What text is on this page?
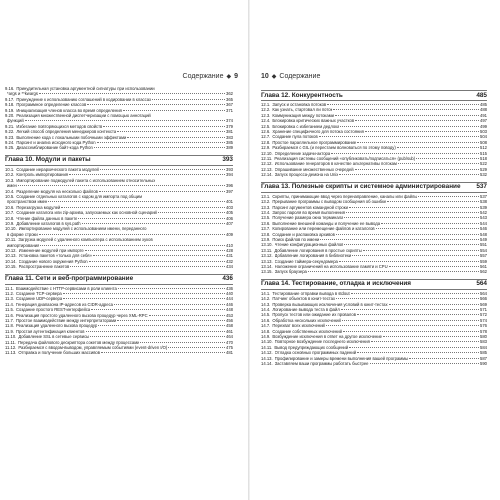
Содержание ◆ 9
9.16. Принудительная установка аргументной сигнатуры при использовании
*args и **kwargs	362
9.17. Принуждение к использованию соглашений в кодировании в классах	365
9.18. Программное определение классов	367
9.19. Инициализация членов класса во время определения	371
9.20. Реализация множественной диспетчеризации с помощью аннотаций
функций	374
9.21. Избегание повторяющихся методов свойств	379
9.22. Легкий способ определения менеджеров контекста	381
9.23. Выполнение кода с локальными побочными эффектами	383
9.24. Парсинг и анализ исходного кода Python	385
9.25. Дизассемблирование байт-кода Python	389
Глава 10. Модули и пакеты	393
10.1. Создание иерархического пакета модулей	393
10.2. Контроль импортирования	394
10.3. Импортирование подмодулей пакета с использованием относительных
имен	396
10.4. Разделение модуля на несколько файлов	397
10.5. Создание отдельных каталогов с кодом для импорта под общим
пространством имен	401
10.6. Перезагрузка модулей	403
10.7. Создание каталога или zip-архива, запускаемых как основной сценарий	405
10.8. Чтение файла данных в пакете	406
10.9. Добавление каталогов в sys.path	407
10.10. Импортирование модулей с использованием имени, переданного
в форме строки	409
10.11. Загрузка модулей с удаленного компьютера с использованием хуков
импортирования	410
10.12. Изменение модулей при импорте	428
10.13. Установка пакетов «только для себя»	431
10.14. Создание нового окружения Python	432
10.15. Распространение пакетов	434
Глава 11. Сети и веб-программирование	436
11.1. Взаимодействие с HTTP-сервисами в роли клиента	436
11.2. Создание TCP-сервера	440
11.3. Создание UDP-сервера	444
11.4. Генерация диапазона IP-адресов из CIDR-адреса	446
11.5. Создание простого REST-интерфейса	448
11.6. Реализация простого удаленного вызова процедур через XML-RPC	453
11.7. Простое взаимодействие между интерпретаторами	456
11.8. Реализация удаленного вызова процедур	458
11.9. Простая аутентификация клиентов	461
11.10. Добавление SSL в сетевые сервисы	464
11.11. Передача файлового дескриптора сокетов между процессами	470
11.12. Разбираемся с вводом-выводом, управляемым событиями (event-driven I/O)	475
11.13. Отправка и получение больших массивов	481
10 ◆ Содержание
Глава 12. Конкурентность	485
12.1. Запуск и остановка потоков	485
12.2. Как узнать, стартовал ли поток	488
12.3. Коммуникация между потоками	491
12.4. Блокировка критических важных участков	497
12.5. Блокировка с избеганием дедлока	499
12.6. Хранение специфичного для потока состояния	503
12.7. Создание пула потоков	504
12.8. Простое параллельное программирование	508
12.9. Разбираемся с GIL (и перестаем волноваться по этому поводу)	512
12.10. Определение задачи-актора	515
12.11. Реализация системы сообщений «опубликовать/подписаться» (pub/sub)	518
12.12. Использование генераторов в качестве альтернативы потокам	522
12.13. Опрашивание множественных очередей	529
12.14. Запуск процесса-демона на Unix	532
Глава 13. Полезные скрипты и системное администрирование 537
13.1. Скрипты, принимающие ввод через перенаправление, каналы или файлы	537
13.2. Прерывание программы с выводом сообщения об ошибке	538
13.3. Парсинг аргументов командной строки	539
13.4. Запрос пароля во время выполнения	542
13.5. Получение размера окна терминала	543
13.6. Выполнение внешней команды и получение ее вывода	544
13.7. Копирование или перемещение файлов и каталогов	546
13.8. Создание и распаковка архивов	548
13.9. Поиск файлов по имени	549
13.10. Чтение конфигурационных файлов	551
13.11. Добавление логирования в простые скрипты	554
13.12. Добавление логирования в библиотеки	557
13.13. Создание таймера-секундомера	559
13.14. Наложение ограничений на использование памяти и CPU	561
13.15. Запуск браузера	562
Глава 14. Тестирование, отладка и исключения	564
14.1. Тестирование отправки вывода в stdout	564
14.2. Патчинг объектов в юнит-тестах	566
14.3. Проверка вызывающих исключения условий в юнит-тестах	569
14.4. Логирование вывода теста в файл	571
14.5. Пропуск тестов или ожидание их провалов	572
14.6. Обработка нескольких исключений	574
14.7. Перехват всех исключений	576
14.8. Создание собственных исключений	578
14.9. Возбуждение исключения в ответ на другое исключение	580
14.10. Повторное возбуждение последнего исключения	583
14.11. Вывод предупреждающих сообщений	584
14.12. Отладка основных программных падений	585
14.13. Профилирование и замеры времени выполнения вашей программы	587
14.14. Заставляем ваши программы работать быстрее	590
